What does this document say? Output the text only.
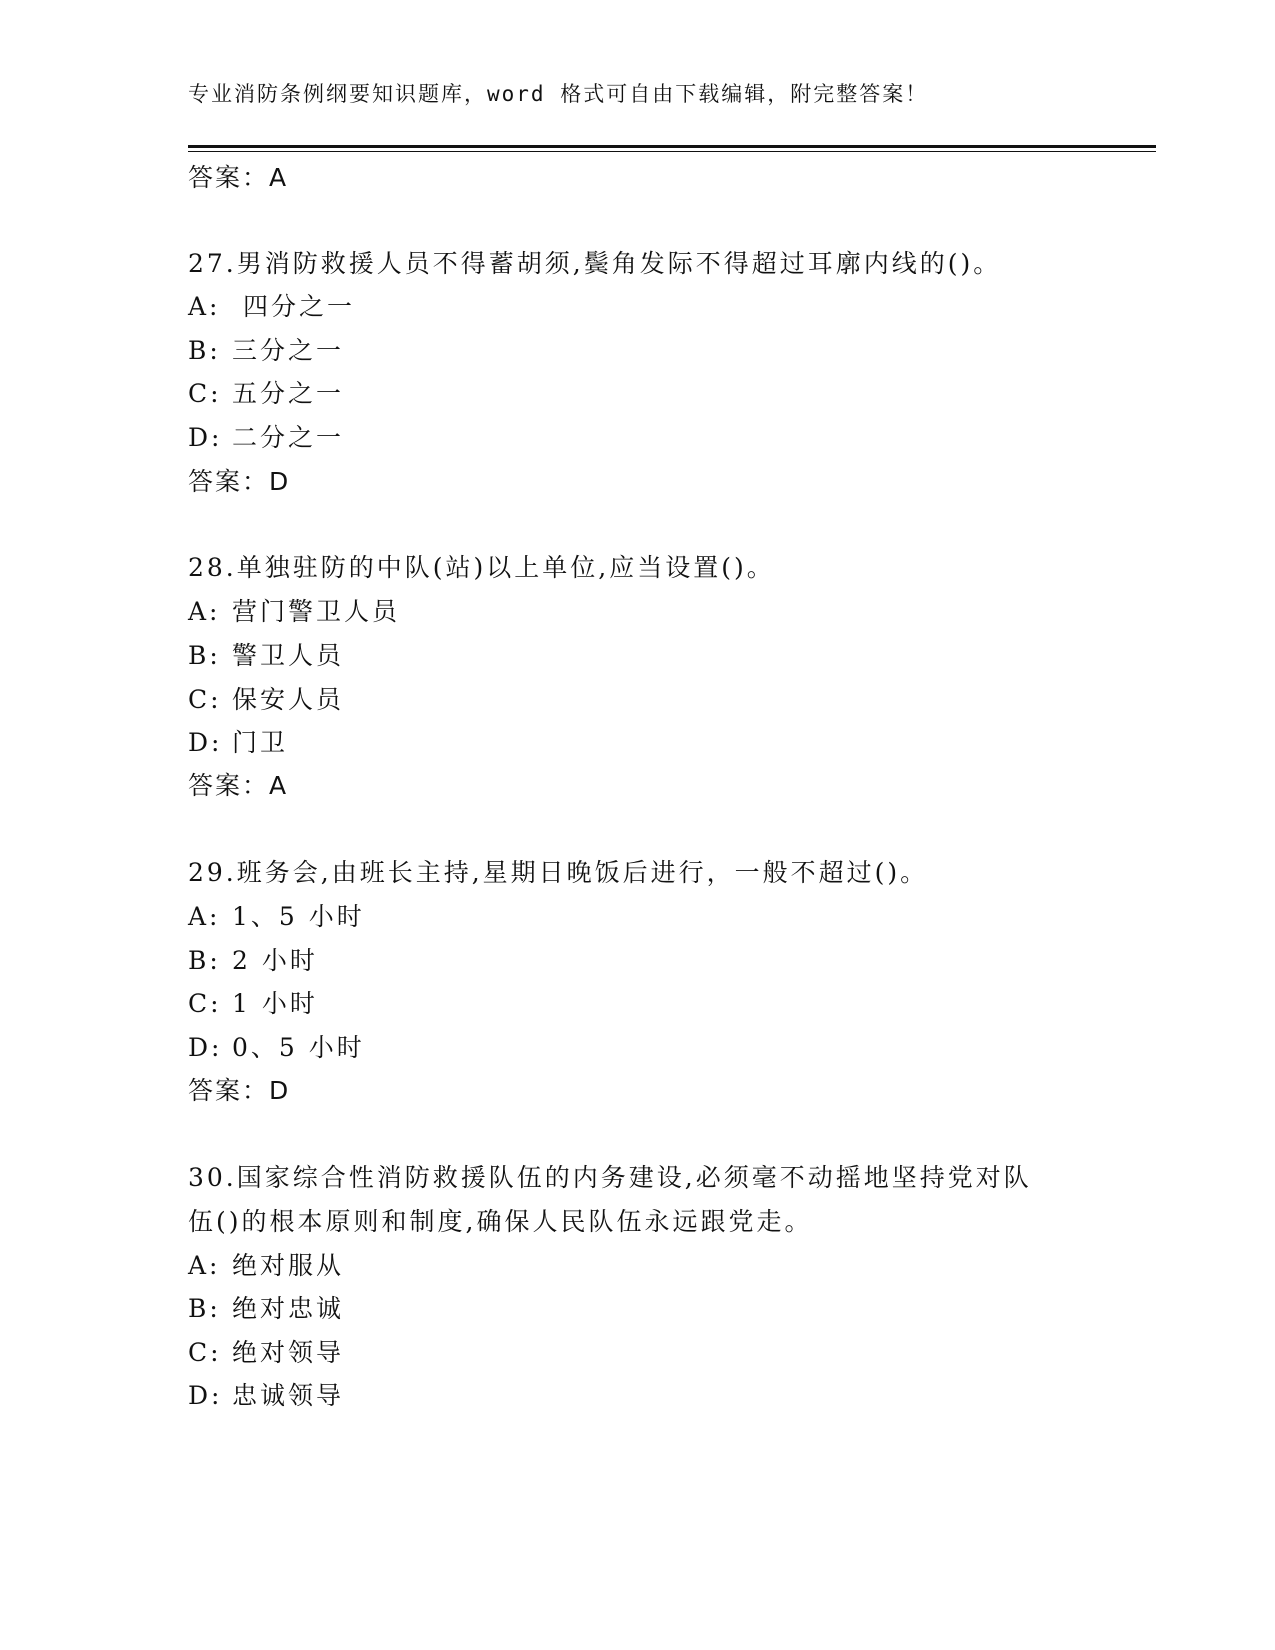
专业消防条例纲要知识题库，word 格式可自由下载编辑，附完整答案！
答案：A
27.男消防救援人员不得蓄胡须,鬓角发际不得超过耳廓内线的()。
A: 四分之一
B: 三分之一
C: 五分之一
D: 二分之一
答案：D
28.单独驻防的中队(站)以上单位,应当设置()。
A: 营门警卫人员
B: 警卫人员
C: 保安人员
D: 门卫
答案：A
29.班务会,由班长主持,星期日晚饭后进行，一般不超过()。
A: 1、5 小时
B: 2 小时
C: 1 小时
D: 0、5 小时
答案：D
30.国家综合性消防救援队伍的内务建设,必须毫不动摇地坚持党对队
伍()的根本原则和制度,确保人民队伍永远跟党走。
A: 绝对服从
B: 绝对忠诚
C: 绝对领导
D: 忠诚领导
